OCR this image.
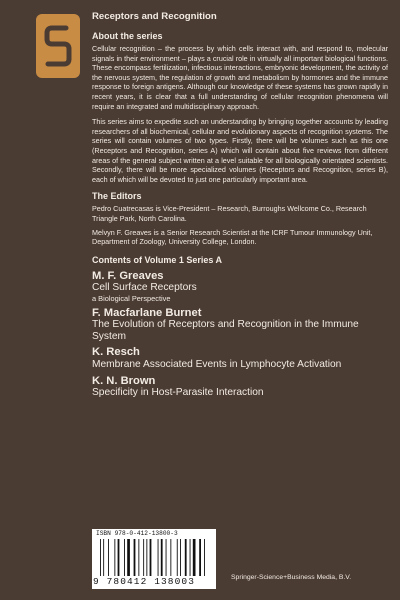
Receptors and Recognition
About the series

Cellular recognition – the process by which cells interact with, and respond to, molecular signals in their environment – plays a crucial role in virtually all important biological functions. These encompass fertilization, infectious interactions, embryonic development, the activity of the nervous system, the regulation of growth and metabolism by hormones and the immune response to foreign antigens. Although our knowledge of these systems has grown rapidly in recent years, it is clear that a full understanding of cellular recognition phenomena will require an integrated and multidisciplinary approach.

This series aims to expedite such an understanding by bringing together accounts by leading researchers of all biochemical, cellular and evolutionary aspects of recognition systems. The series will contain volumes of two types. Firstly, there will be volumes such as this one (Receptors and Recognition, series A) which will contain about five reviews from different areas of the general subject written at a level suitable for all biologically orientated scientists. Secondly, there will be more specialized volumes (Receptors and Recognition, series B), each of which will be devoted to just one particularly important area.

The Editors

Pedro Cuatrecasas is Vice-President – Research, Burroughs Wellcome Co., Research Triangle Park, North Carolina.

Melvyn F. Greaves is a Senior Research Scientist at the ICRF Tumour Immunology Unit, Department of Zoology, University College, London.

Contents of Volume 1 Series A
M. F. Greaves
Cell Surface Receptors
a Biological Perspective
F. Macfarlane Burnet
The Evolution of Receptors and Recognition in the Immune System
K. Resch
Membrane Associated Events in Lymphocyte Activation
K. N. Brown
Specificity in Host-Parasite Interaction
ISBN 978-0-412-13800-3
9 780412 138003	Springer-Science+Business Media, B.V.
